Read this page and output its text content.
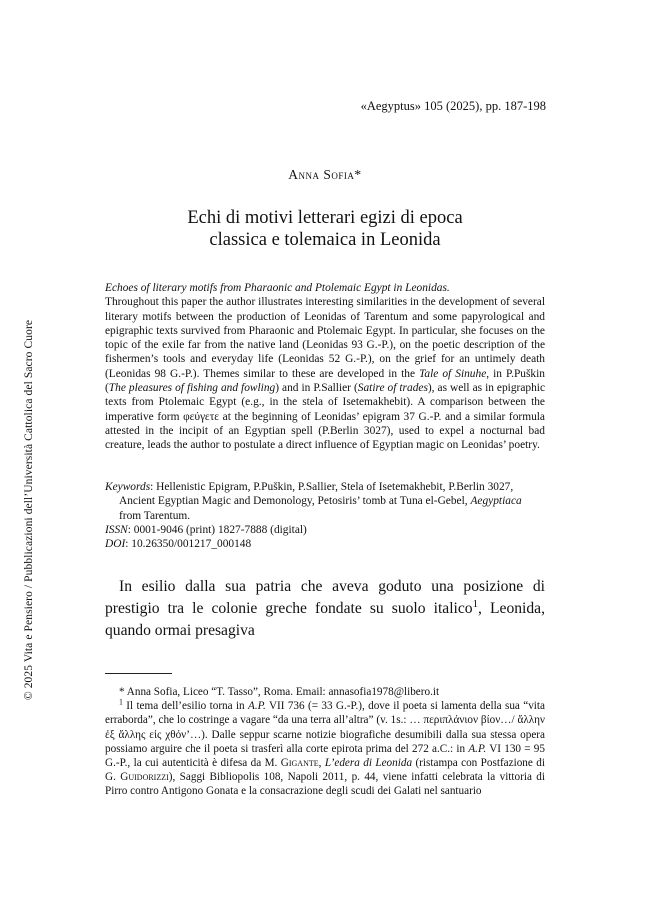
© 2025 Vita e Pensiero / Pubblicazioni dell’Università Cattolica del Sacro Cuore
«Aegyptus» 105 (2025), pp. 187-198
Anna Sofia*
Echi di motivi letterari egizi di epoca
classica e tolemaica in Leonida

Echoes of literary motifs from Pharaonic and Ptolemaic Egypt in Leonidas.

Throughout this paper the author illustrates interesting similarities in the development of several literary motifs between the production of Leonidas of Tarentum and some papyrological and epigraphic texts survived from Pharaonic and Ptolemaic Egypt. In particular, she focuses on the topic of the exile far from the native land (Leonidas 93 G.-P.), on the poetic description of the fishermen’s tools and everyday life (Leonidas 52 G.-P.), on the grief for an untimely death (Leonidas 98 G.-P.). Themes similar to these are developed in the Tale of Sinuhe, in P.Puškin (The pleasures of fishing and fowling) and in P.Sallier (Satire of trades), as well as in epigraphic texts from Ptolemaic Egypt (e.g., in the stela of Isetemakhebit). A comparison between the imperative form φεύγετε at the beginning of Leonidas’ epigram 37 G.-P. and a similar formula attested in the incipit of an Egyptian spell (P.Berlin 3027), used to expel a nocturnal bad creature, leads the author to postulate a direct influence of Egyptian magic on Leonidas’ poetry.

Keywords: Hellenistic Epigram, P.Puškin, P.Sallier, Stela of Isetemakhebit, P.Berlin 3027, Ancient Egyptian Magic and Demonology, Petosiris’ tomb at Tuna el-Gebel, Aegyptiaca from Tarentum.

ISSN: 0001-9046 (print) 1827-7888 (digital)

DOI: 10.26350/001217_000148

In esilio dalla sua patria che aveva goduto una posizione di prestigio tra le colonie greche fondate su suolo italico$^1$, Leonida, quando ormai presagiva

* Anna Sofia, Liceo “T. Tasso”, Roma. Email: annasofia1978@libero.it

$^1$ Il tema dell’esilio torna in A.P. VII 736 (= 33 G.-P.), dove il poeta si lamenta della sua “vita erraborda”, che lo costringe a vagare “da una terra all’altra” (v. 1s.: … περιπλάνιον βίον…/ ἄλλην ἐξ ἄλλης εἰς χθόν’…). Dalle seppur scarne notizie biografiche desumibili dalla sua stessa opera possiamo arguire che il poeta si trasferì alla corte epirota prima del 272 a.C.: in A.P. VI 130 = 95 G.-P., la cui autenticità è difesa da M. Gigante, L’edera di Leonida (ristampa con Postfazione di G. Guidorizzi), Saggi Bibliopolis 108, Napoli 2011, p. 44, viene infatti celebrata la vittoria di Pirro contro Antigono Gonata e la consacrazione degli scudi dei Galati nel santuario
